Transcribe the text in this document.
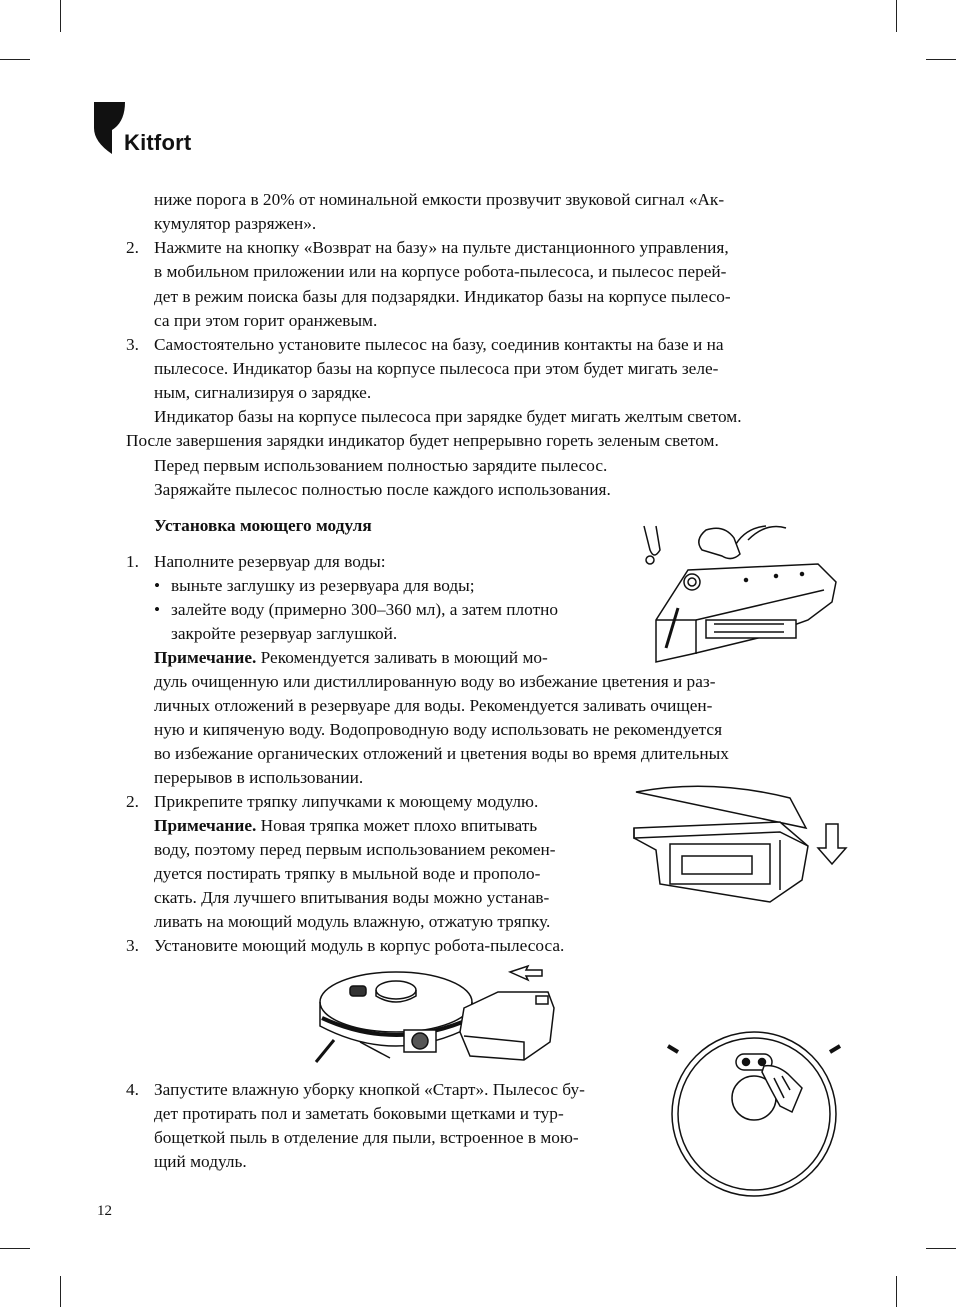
Kitfort
ниже порога в 20% от номинальной емкости прозвучит звуковой сигнал «Ак-
кумулятор разряжен».
2. Нажмите на кнопку «Возврат на базу» на пульте дистанционного управления,
в мобильном приложении или на корпусе робота-пылесоса, и пылесос перей-
дет в режим поиска базы для подзарядки. Индикатор базы на корпусе пылесо-
са при этом горит оранжевым.
3. Самостоятельно установите пылесос на базу, соединив контакты на базе и на
пылесосе. Индикатор базы на корпусе пылесоса при этом будет мигать зеле-
ным, сигнализируя о зарядке.
Индикатор базы на корпусе пылесоса при зарядке будет мигать желтым светом.
После завершения зарядки индикатор будет непрерывно гореть зеленым светом.
Перед первым использованием полностью зарядите пылесос.
Заряжайте пылесос полностью после каждого использования.
Установка моющего модуля
1. Наполните резервуар для воды:
• выньте заглушку из резервуара для воды;
• залейте воду (примерно 300–360 мл), а затем плотно
закройте резервуар заглушкой.
Примечание. Рекомендуется заливать в моющий мо-
дуль очищенную или дистиллированную воду во избежание цветения и раз-
личных отложений в резервуаре для воды. Рекомендуется заливать очищен-
ную и кипяченую воду. Водопроводную воду использовать не рекомендуется
во избежание органических отложений и цветения воды во время длительных
перерывов в использовании.
2. Прикрепите тряпку липучками к моющему модулю.
Примечание. Новая тряпка может плохо впитывать
воду, поэтому перед первым использованием рекомен-
дуется постирать тряпку в мыльной воде и прополо-
скать. Для лучшего впитывания воды можно устанав-
ливать на моющий модуль влажную, отжатую тряпку.
3. Установите моющий модуль в корпус робота-пылесоса.
4. Запустите влажную уборку кнопкой «Старт». Пылесос бу-
дет протирать пол и заметать боковыми щетками и тур-
бощеткой пыль в отделение для пыли, встроенное в мою-
щий модуль.
12
